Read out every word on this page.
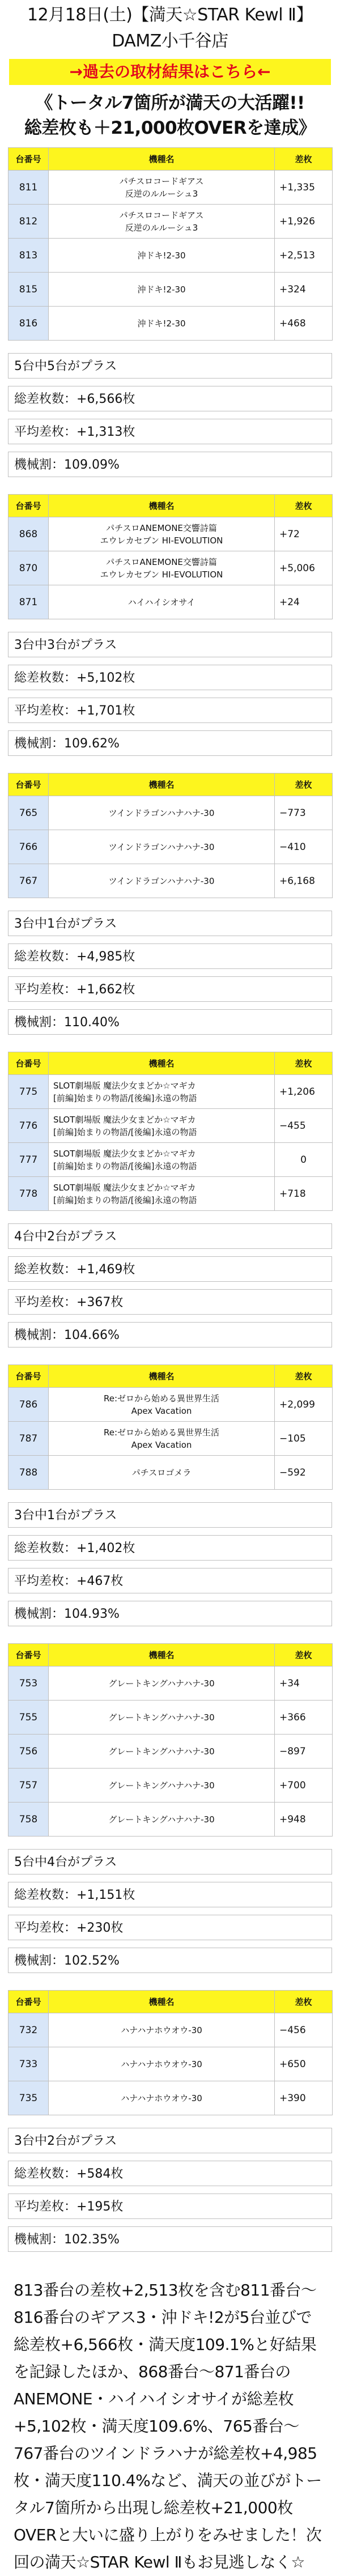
12月18日(土)【満天☆STAR Kewl Ⅱ】
DAMZ小千谷店
→過去の取材結果はこちら←
《トータル7箇所が満天の大活躍!!
総差枚も＋21,000枚OVERを達成》
台番号	機種名	差枚
811	パチスロコードギアス
反逆のルルーシュ3	+1,335
812	パチスロコードギアス
反逆のルルーシュ3	+1,926
813	沖ドキ!2-30	+2,513
815	沖ドキ!2-30	+324
816	沖ドキ!2-30	+468
5台中5台がプラス
総差枚数：+6,566枚
平均差枚：+1,313枚
機械割：109.09%
台番号	機種名	差枚
868	パチスロANEMONE交響詩篇
エウレカセブン HI-EVOLUTION	+72
870	パチスロANEMONE交響詩篇
エウレカセブン HI-EVOLUTION	+5,006
871	ハイハイシオサイ	+24
3台中3台がプラス
総差枚数：+5,102枚
平均差枚：+1,701枚
機械割：109.62%
台番号	機種名	差枚
765	ツインドラゴンハナハナ-30	−773
766	ツインドラゴンハナハナ-30	−410
767	ツインドラゴンハナハナ-30	+6,168
3台中1台がプラス
総差枚数：+4,985枚
平均差枚：+1,662枚
機械割：110.40%
台番号	機種名	差枚
775	SLOT劇場版 魔法少女まどか☆マギカ
[前編]始まりの物語/[後編]永遠の物語	+1,206
776	SLOT劇場版 魔法少女まどか☆マギカ
[前編]始まりの物語/[後編]永遠の物語	−455
777	SLOT劇場版 魔法少女まどか☆マギカ
[前編]始まりの物語/[後編]永遠の物語	0
778	SLOT劇場版 魔法少女まどか☆マギカ
[前編]始まりの物語/[後編]永遠の物語	+718
4台中2台がプラス
総差枚数：+1,469枚
平均差枚：+367枚
機械割：104.66%
台番号	機種名	差枚
786	Re:ゼロから始める異世界生活
Apex Vacation	+2,099
787	Re:ゼロから始める異世界生活
Apex Vacation	−105
788	パチスロゴメラ	−592
3台中1台がプラス
総差枚数：+1,402枚
平均差枚：+467枚
機械割：104.93%
台番号	機種名	差枚
753	グレートキングハナハナ-30	+34
755	グレートキングハナハナ-30	+366
756	グレートキングハナハナ-30	−897
757	グレートキングハナハナ-30	+700
758	グレートキングハナハナ-30	+948
5台中4台がプラス
総差枚数：+1,151枚
平均差枚：+230枚
機械割：102.52%
台番号	機種名	差枚
732	ハナハナホウオウ-30	−456
733	ハナハナホウオウ-30	+650
735	ハナハナホウオウ-30	+390
3台中2台がプラス
総差枚数：+584枚
平均差枚：+195枚
機械割：102.35%
813番台の差枚+2,513枚を含む811番台〜816番台のギアス3・沖ドキ!2が5台並びで総差枚+6,566枚・満天度109.1%と好結果を記録したほか、868番台〜871番台のANEMONE・ハイハイシオサイが総差枚+5,102枚・満天度109.6%、765番台〜767番台のツインドラハナが総差枚+4,985枚・満天度110.4%など、満天の並びがトータル7箇所から出現し総差枚+21,000枚OVERと大いに盛り上がりをみせました！次回の満天☆STAR Kewl Ⅱもお見逃しなく☆
